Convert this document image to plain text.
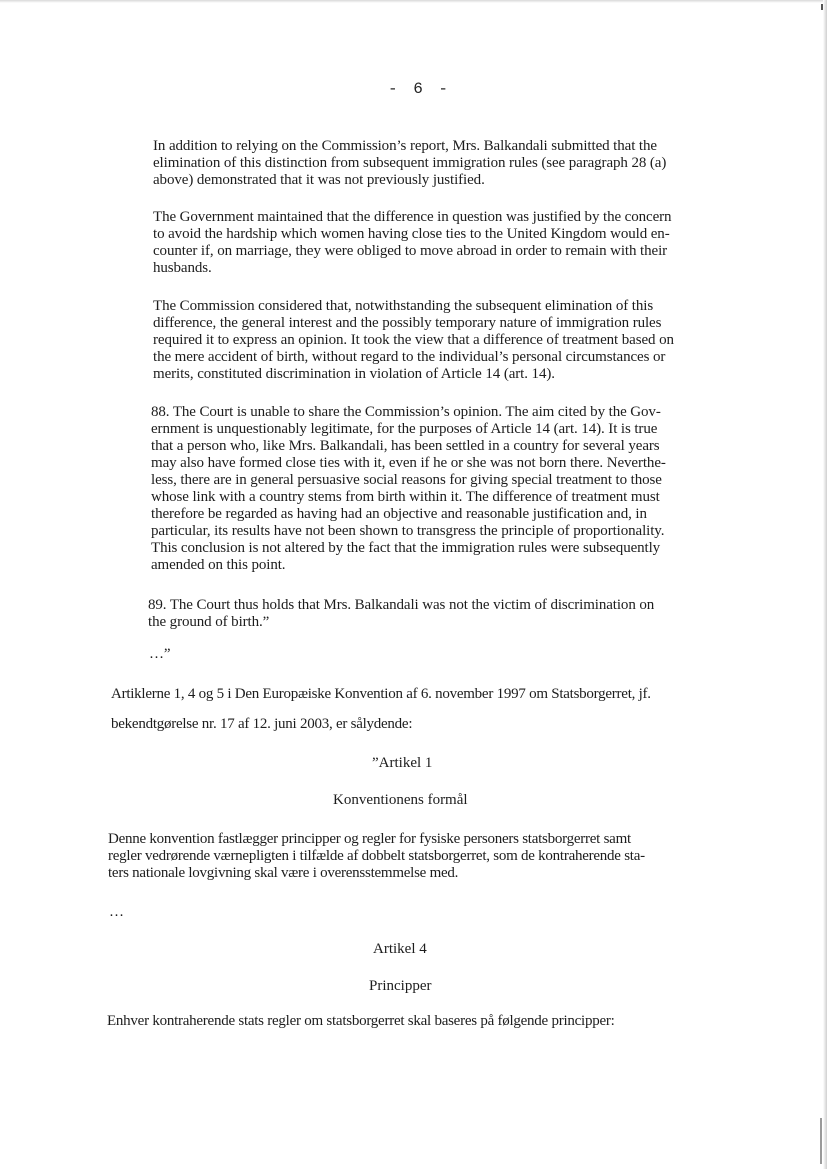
- 6 -
In addition to relying on the Commission’s report, Mrs. Balkandali submitted that the
elimination of this distinction from subsequent immigration rules (see paragraph 28 (a)
above) demonstrated that it was not previously justified.
The Government maintained that the difference in question was justified by the concern
to avoid the hardship which women having close ties to the United Kingdom would en-
counter if, on marriage, they were obliged to move abroad in order to remain with their
husbands.
The Commission considered that, notwithstanding the subsequent elimination of this
difference, the general interest and the possibly temporary nature of immigration rules
required it to express an opinion. It took the view that a difference of treatment based on
the mere accident of birth, without regard to the individual’s personal circumstances or
merits, constituted discrimination in violation of Article 14 (art. 14).
88. The Court is unable to share the Commission’s opinion. The aim cited by the Gov-
ernment is unquestionably legitimate, for the purposes of Article 14 (art. 14). It is true
that a person who, like Mrs. Balkandali, has been settled in a country for several years
may also have formed close ties with it, even if he or she was not born there. Neverthe-
less, there are in general persuasive social reasons for giving special treatment to those
whose link with a country stems from birth within it. The difference of treatment must
therefore be regarded as having had an objective and reasonable justification and, in
particular, its results have not been shown to transgress the principle of proportionality.
This conclusion is not altered by the fact that the immigration rules were subsequently
amended on this point.
89. The Court thus holds that Mrs. Balkandali was not the victim of discrimination on
the ground of birth.”
…”
Artiklerne 1, 4 og 5 i Den Europæiske Konvention af 6. november 1997 om Statsborgerret, jf.
bekendtgørelse nr. 17 af 12. juni 2003, er sålydende:
”Artikel 1
Konventionens formål
Denne konvention fastlægger principper og regler for fysiske personers statsborgerret samt
regler vedrørende værnepligten i tilfælde af dobbelt statsborgerret, som de kontraherende sta-
ters nationale lovgivning skal være i overensstemmelse med.
…
Artikel 4
Principper
Enhver kontraherende stats regler om statsborgerret skal baseres på følgende principper:
